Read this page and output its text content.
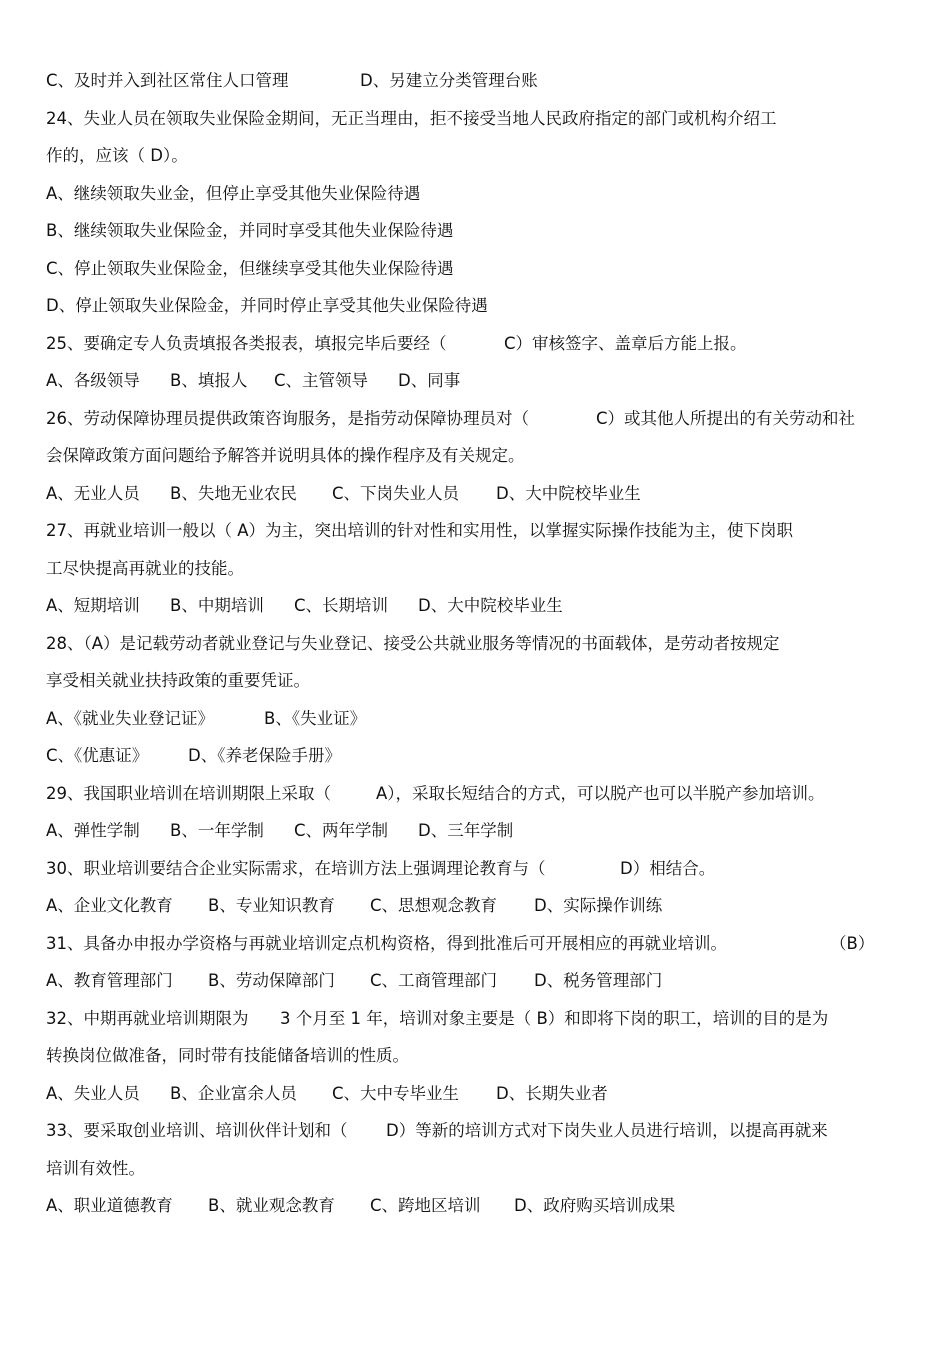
C、及时并入到社区常住人口管理	D、另建立分类管理台账
24、失业人员在领取失业保险金期间，无正当理由，拒不接受当地人民政府指定的部门或机构介绍工
作的，应该（ D）。
A、继续领取失业金，但停止享受其他失业保险待遇
B、继续领取失业保险金，并同时享受其他失业保险待遇
C、停止领取失业保险金，但继续享受其他失业保险待遇
D、停止领取失业保险金，并同时停止享受其他失业保险待遇
25、要确定专人负责填报各类报表，填报完毕后要经（	C）审核签字、盖章后方能上报。
A、各级领导 B、填报人 C、主管领导 D、同事
26、劳动保障协理员提供政策咨询服务，是指劳动保障协理员对（	C）或其他人所提出的有关劳动和社
会保障政策方面问题给予解答并说明具体的操作程序及有关规定。
A、无业人员 B、失地无业农民 C、下岗失业人员 D、大中院校毕业生
27、再就业培训一般以（ A）为主，突出培训的针对性和实用性，以掌握实际操作技能为主，使下岗职
工尽快提高再就业的技能。
A、短期培训 B、中期培训 C、长期培训 D、大中院校毕业生
28、（A）是记载劳动者就业登记与失业登记、接受公共就业服务等情况的书面载体，是劳动者按规定
享受相关就业扶持政策的重要凭证。
A、《就业失业登记证》	B、《失业证》
C、《优惠证》 D、《养老保险手册》
29、我国职业培训在培训期限上采取（	A），采取长短结合的方式，可以脱产也可以半脱产参加培训。
A、弹性学制 B、一年学制 C、两年学制 D、三年学制
30、职业培训要结合企业实际需求，在培训方法上强调理论教育与（	D）相结合。
A、企业文化教育 B、专业知识教育 C、思想观念教育 D、实际操作训练
31、具备办申报办学资格与再就业培训定点机构资格，得到批准后可开展相应的再就业培训。	（B）
A、教育管理部门 B、劳动保障部门 C、工商管理部门 D、税务管理部门
32、中期再就业培训期限为 3 个月至 1 年，培训对象主要是（ B）和即将下岗的职工，培训的目的是为
转换岗位做准备，同时带有技能储备培训的性质。
A、失业人员 B、企业富余人员 C、大中专毕业生 D、长期失业者
33、要采取创业培训、培训伙伴计划和（ D）等新的培训方式对下岗失业人员进行培训，以提高再就来
培训有效性。
A、职业道德教育 B、就业观念教育 C、跨地区培训 D、政府购买培训成果
